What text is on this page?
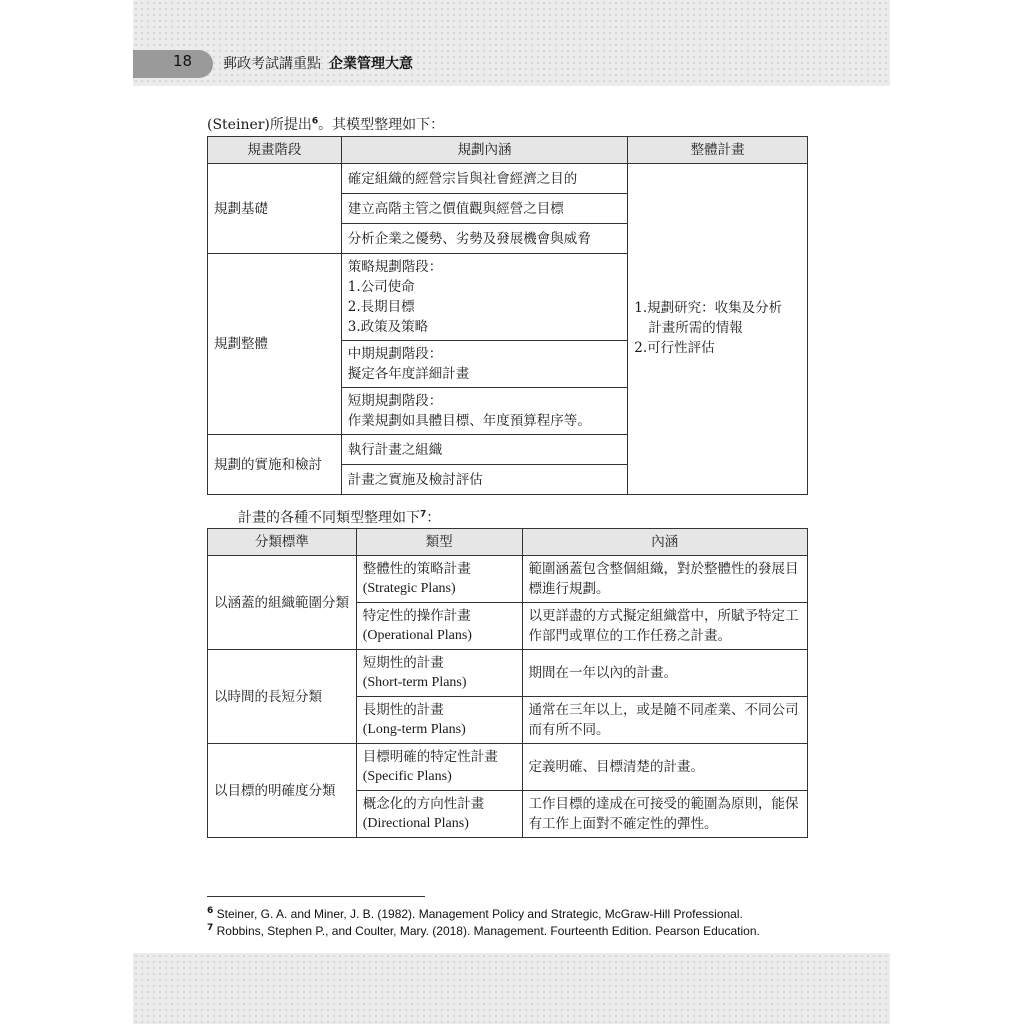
18 郵政考試講重點 企業管理大意
(Steiner)所提出$^6$。其模型整理如下：
規畫階段	規劃內涵	整體計畫
規劃基礎	確定組織的經營宗旨與社會經濟之目的	1.規劃研究：收集及分析
計畫所需的情報
2.可行性評估

	建立高階主管之價值觀與經營之目標	
	分析企業之優勢、劣勢及發展機會與威脅	
規劃整體	策略規劃階段：
1.公司使命
2.長期目標
3.政策及策略	

	中期規劃階段：
擬定各年度詳細計畫	

	短期規劃階段：
作業規劃如具體目標、年度預算程序等。	

規劃的實施和檢討	執行計畫之組織	
	計畫之實施及檢討評估	
計畫的各種不同類型整理如下$^7$：
分類標準	類型	內涵
以涵蓋的組織範圍分類	整體性的策略計畫
(Strategic Plans)	範圍涵蓋包含整個組織，對於整體性的發展目標進行規劃。

	特定性的操作計畫
(Operational Plans)	以更詳盡的方式擬定組織當中，所賦予特定工作部門或單位的工作任務之計畫。
以時間的長短分類	短期性的計畫
(Short-term Plans)	期間在一年以內的計畫。

	長期性的計畫
(Long-term Plans)	通常在三年以上，或是隨不同產業、不同公司而有所不同。
以目標的明確度分類	目標明確的特定性計畫
(Specific Plans)	定義明確、目標清楚的計畫。

	概念化的方向性計畫
(Directional Plans)	工作目標的達成在可接受的範圍為原則，能保有工作上面對不確定性的彈性。
$^6$ Steiner, G. A. and Miner, J. B. (1982). Management Policy and Strategic, McGraw-Hill Professional.
$^7$ Robbins, Stephen P., and Coulter, Mary. (2018). Management. Fourteenth Edition. Pearson Education.
